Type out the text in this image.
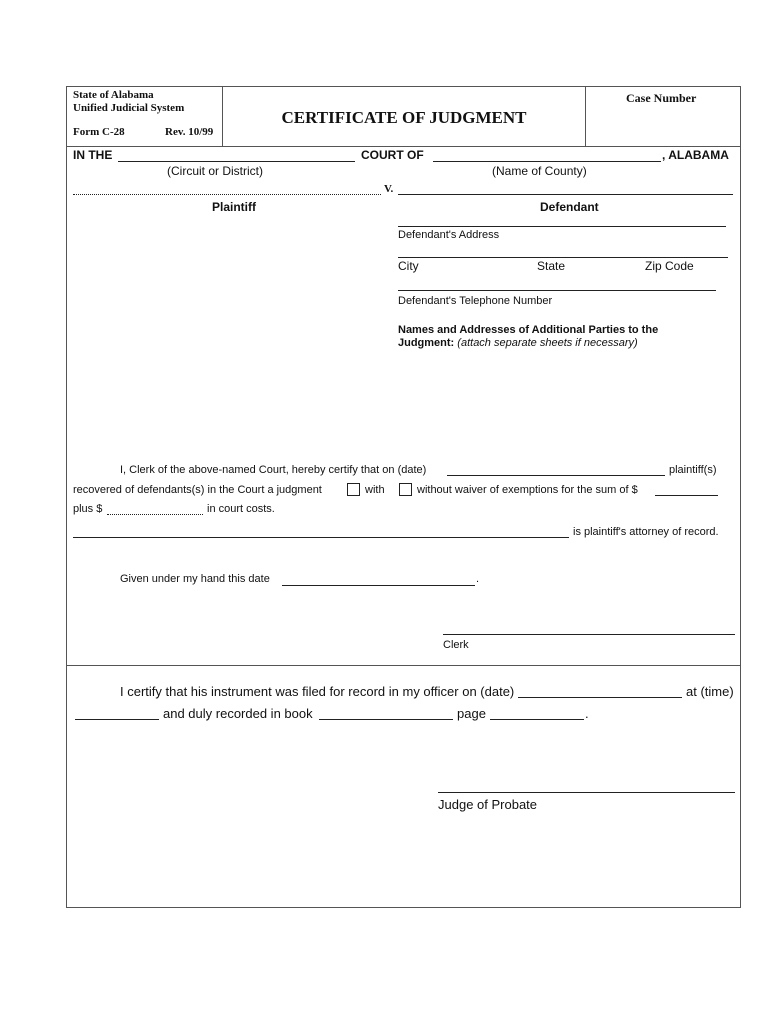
State of Alabama
Unified Judicial System
Form C-28	Rev. 10/99
CERTIFICATE OF JUDGMENT
Case Number
IN THE	COURT OF	, ALABAMA
(Circuit or District)	(Name of County)
V.
Plaintiff	Defendant
Defendant's Address
City	State	Zip Code
Defendant's Telephone Number
Names and Addresses of Additional Parties to the
Judgment: (attach separate sheets if necessary)
I, Clerk of the above-named Court, hereby certify that on (date)	plaintiff(s)
recovered of defendants(s) in the Court a judgment	with	without waiver of exemptions for the sum of $
plus $	in court costs.
is plaintiff's attorney of record.
Given under my hand this date	.
Clerk
I certify that his instrument was filed for record in my officer on (date)	at (time)
and duly recorded in book	page	.
Judge of Probate
